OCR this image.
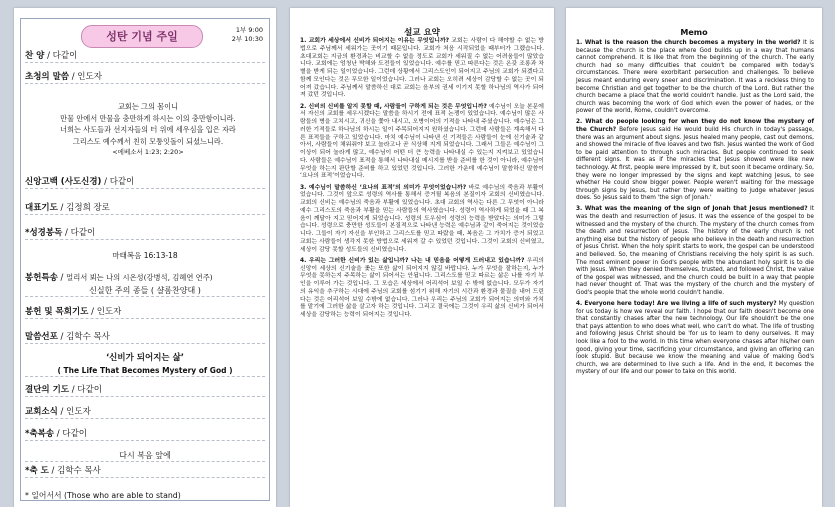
성탄 기념 주일	1부 9:00
2부 10:30
찬 양 / 다같이
초청의 말씀 / 인도자
교회는 그의 몸이니
만물 안에서 만물을 충만하게 하시는 이의 충만함이니라.
너희는 사도들과 선지자들의 터 위에 세우심을 입은 자라
그리스도 예수께서 친히 모퉁잇돌이 되셨느니라.
<에베소서 1:23; 2:20>
신앙고백 (사도신경) / 다같이
대표기도 / 김정희 장로
*성경봉독 / 다같이
마태복음 16:13-18
봉헌특송 / 멀리서 뵈는 나의 시온성(강병석, 김혜연 연주)
신실한 주의 종들 ( 샬롬찬양대 )
봉헌 및 목회기도 / 인도자
말씀선포 / 김학수 목사
‘신비가 되어지는 삶’
( The Life That Becomes Mystery of God )
결단의 기도 / 다같이
교회소식 / 인도자
*축복송 / 다같이
다시 복음 앞에
*축 도 / 김학수 목사
* 일어서서 (Those who are able to stand)
설교 요약

1. 교회가 세상에서 신비가 되어지는 이유는 무엇입니까? 교회는 사람이 다 해야할 수 없는 방법으로 주님께서 세워가는 곳이기 때문입니다. 교회가 처음 시작되었을 때부터가 그랬습니다. 초대교회는 지금의 환경과는 비교할 수 없을 정도로 교회가 세워질 수 없는 어려움들이 많았습니다. 교회에는 엄청난 박해와 도전들이 있었습니다. 예수를 믿고 따른다는 것은 온갖 조롱과 차별을 받게 되는 일이었습니다. 그런데 상황에서 그리스도인이 되어지고 주님의 교회가 되겠다고 함께 모인다는 것은 무모한 일이었습니다. 그러나 교회는 오히려 세상이 감당할 수 없는 곳이 되어져 갔습니다. 주님께서 말씀하신 대로 교회는 음부의 권세 이기지 못할 하나님의 역사가 되어져 갔던 것입니다.

2. 신비의 신비를 알지 못할 때, 사람들이 구하게 되는 것은 무엇입니까? 예수님이 오늘 본문에서 자신의 교회를 세우시겠다는 말씀을 하시기 전에 표적 논쟁이 있었습니다. 예수님이 많은 사람들의 병을 고치시고, 귀신을 쫓아 내시고, 오병이어의 기적을 나타내 주셨습니다. 예수님은 그러한 기적들로 하나님의 하시는 일이 주목되어지지 원하셨습니다. 그런데 사람들은 계속해서 다른 표적들을 구하고 있었습니다. 마치 예수님이 나타낸 신 기적들은 사람들이 눈에 신기술과 같아서, 사람들이 채워줘야 보고 놀라고나 곧 식상해 지게 되었습니다. 그래서 그들은 예수님이 그 이상이 되어 놀라게 많고, 예수님이 어떤 더 큰 능력을 나타내실 수 있는지 지켜보고 있었습니다. 사람들은 예수님이 표적을 통해서 나타내실 메시지를 받을 준비를 한 것이 아니라, 예수님이 무엇을 하는지 판단할 준비를 하고 있었던 것입니다. 그러한 가운데 예수님이 말씀하신 말씀이 ‘요나의 표적’이었습니다.

3. 예수님이 말씀하신 ‘요나의 표적’의 의미가 무엇이었습니까? 바로 예수님의 죽음과 부활이었습니다. 그것이 앞으로 성령의 역사를 통해서 증거될 복음의 본질이자 교회의 신비였습니다. 교회의 신비는 예수님의 죽음과 부활에 있었습니다. 초대 교회의 역사는 다른 그 무엇이 아니라 예수 그리스도의 죽음과 부활을 믿는 사람들의 역사였습니다. 성령이 역사하게 되었을 때 그 복음이 깨달아 지고 믿어지게 되었습니다. 성령의 도우심이 성령의 능력을 받았다는 의미가 그렇습니다. 성령으로 충만한 성도들이 본질적으로 나타낸 능력은 예수님과 같이 죽어지는 것이었습니다. 그들이 자기 자신을 부인하고 그리스도를 믿고 따랐을 때, 복음은 그 가치가 증거 되었고 교회는 사람들이 생각지 못한 방법으로 세워져 갈 수 있었던 것입니다. 그것이 교회의 신비였고, 세상이 감당 못할 성도들의 신비였습니다.

4. 우리는 그러한 신비가 있는 삶입니까? 나는 내 믿음을 어떻게 드러내고 있습니까? 우리의 신앙이 세상의 신기술을 좇는 또한 삶이 되어지지 않길 바랍니다. 누가 무엇을 잘하는지, 누가 무엇을 못하는지 주목하는 삶이 되어서는 안됩니다. 그리스도를 믿고 따르는 삶은 나를 자기 부인을 이루어 가는 것입니다. 그 모습은 세상에서 어리석어 보일 수 밖에 없습니다. 모두가 자기의 유익을 추구하는 시대에 주님의 교회를 섬기기 위해 자기의 시간과 환경과 물질을 내어 드린다는 것은 어리석어 보일 수밖에 없습니다. 그러나 우리는 주님의 교회가 되어지는 의미와 가치를 맡기에 그러한 삶을 살고자 하는 것입니다. 그리고 결국에는 그것이 우리 삶의 신비가 되어서 세상을 감당하는 능력이 되어지는 것입니다.

Memo

1. What is the reason the church becomes a mystery in the world? It is because the church is the place where God builds up in a way that humans cannot comprehend. It is like that from the beginning of the church. The early church had so many difficulties that couldn't be compared with today's circumstances. There were exorbitant persecution and challenges. To believe Jesus meant enduring every sneer and discrimination. It was a reckless thing to become Christian and get together to be the church of the Lord. But rather the church became a place that the world couldn't handle. Just as the Lord said, the church was becoming the work of God which even the power of hades, or the power of the world, Rome, couldn't overcome.

2. What do people looking for when they do not know the mystery of the Church? Before Jesus said He would build His church in today's passage, there was an argument about signs. Jesus healed many people, cast out demons, and showed the miracle of five loaves and two fish. Jesus wanted the work of God to be paid attention to through such miracles. But people continued to seek different signs. It was as if the miracles that Jesus showed were like new technology. At first, people were impressed by it, but soon it became ordinary. So, they were no longer impressed by the signs and kept watching Jesus, to see whether He could show bigger power. People weren't waiting for the message through signs by Jesus, but rather they were waiting to judge whatever Jesus does. So Jesus said to them 'the sign of Jonah.'

3. What was the meaning of the sign of Jonah that Jesus mentioned? It was the death and resurrection of Jesus. It was the essence of the gospel to be witnessed and the mystery of the church. The mystery of the church comes from the death and resurrection of Jesus. The history of the early church is not anything else but the history of people who believe in the death and resurrection of Jesus Christ. When the holy spirit starts to work, the gospel can be understood and believed. So, the meaning of Christians receiving the holy spirit is as such. The most eminent power in God's people with the abundant holy spirit is to die with Jesus. When they denied themselves, trusted, and followed Christ, the value of the gospel was witnessed, and the church could be built in a way that people had never thought of. That was the mystery of the church and the mystery of God's people that the whole world couldn't handle.

4. Everyone here today! Are we living a life of such mystery? My question for us today is how we reveal our faith. I hope that our faith doesn't become one that constantly chases after the new technology. Our life shouldn't be the one that pays attention to who does what well, who can't do what. The life of trusting and following Jesus Christ should be 'for us to learn to deny ourselves. It may look like a fool to the world. In this time when everyone chases after his/her own good, giving your time, sacrificing your circumstance, and giving an offering can look stupid. But because we know the meaning and value of making God's church, we are determined to live such a life. And in the end, it becomes the mystery of our life and our power to take on this world.
